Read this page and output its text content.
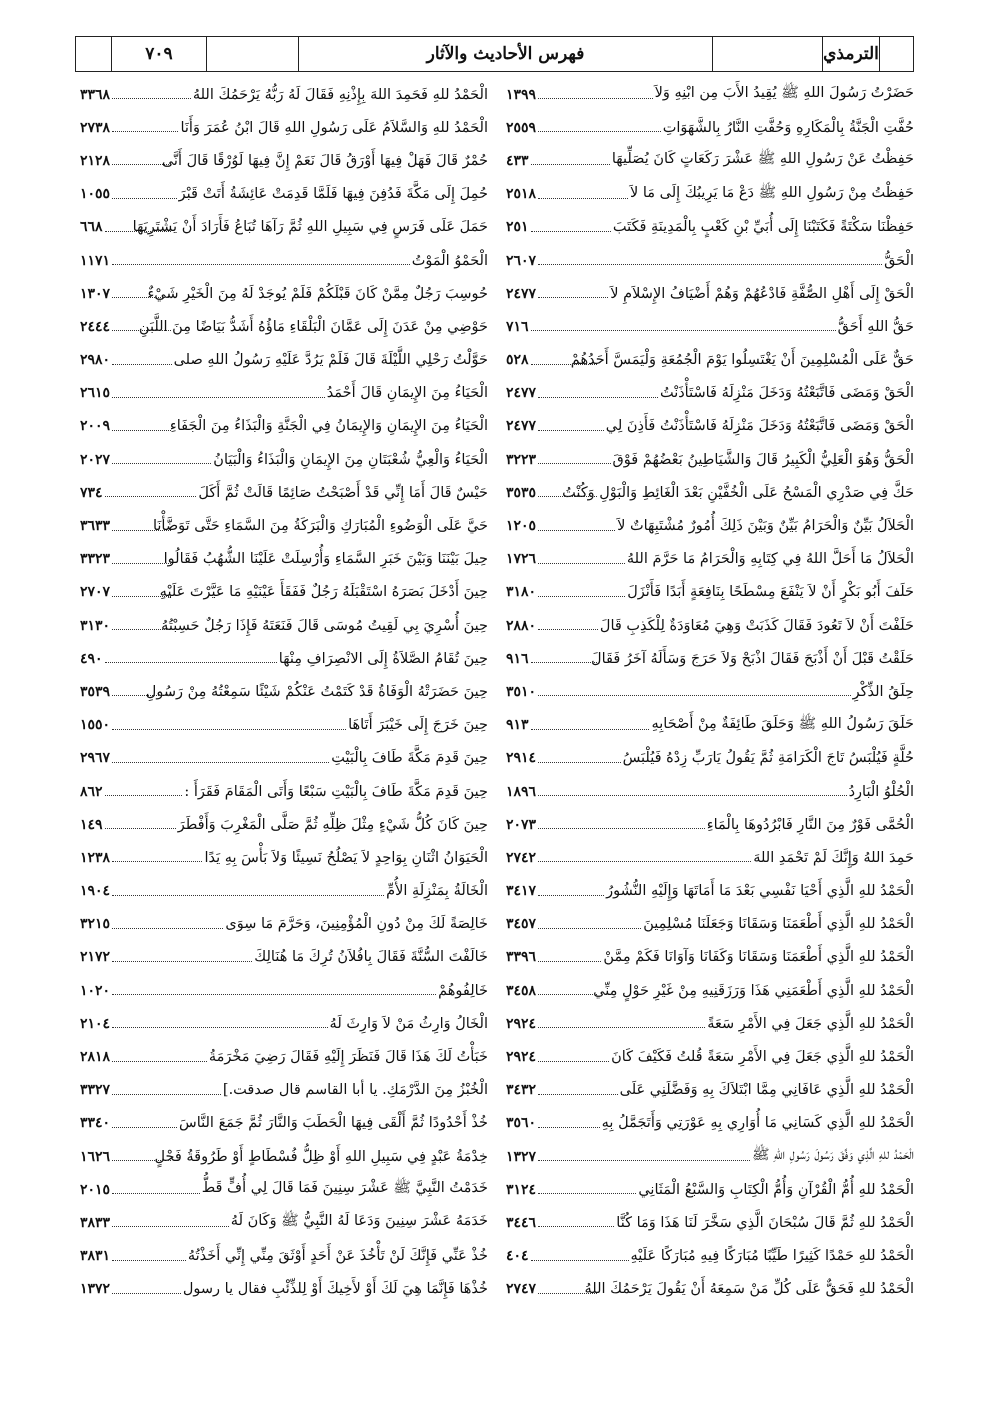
٧٠٩	فهرس الأحاديث والآثار	الترمذي
حَضَرْتُ رَسُولَ اللهِ ﷺ يُقِيدُ الأَبَ مِن ابْنِهِ وَلاَ
١٣٩٩
حُفَّتِ الْجَنَّةُ بِالْمَكَارِهِ وَحُفَّتِ النَّارُ بِالشَّهَوَاتِ
٢٥٥٩
حَفِظْتُ عَنْ رَسُولِ اللهِ ﷺ عَشْرَ رَكَعَاتٍ كَانَ يُصَلِّيهَا
٤٣٣
حَفِظْتُ مِنْ رَسُولِ اللهِ ﷺ دَعْ مَا يَرِيبُكَ إِلَى مَا لاَ
٢٥١٨
حَفِظْنَا سَكْتَةً فَكَتَبْنَا إِلَى أُبَيِّ بْنِ كَعْبٍ بِالْمَدِينَةِ فَكَتَبَ
٢٥١
الْحَقُّ
٢٦٠٧
الْحَقْ إِلَى أَهْلِ الصُّفَّةِ فَادْعُهُمْ وَهُمْ أَضْيَافُ الإِسْلاَمِ لاَ
٢٤٧٧
حَقُّ اللهِ أَحَقُّ
٧١٦
حَقٌّ عَلَى الْمُسْلِمِينَ أَنْ يَغْتَسِلُوا يَوْمَ الْجُمُعَةِ وَلْيَمَسَّ أَحَدُهُمْ
٥٢٨
الْحَقْ وَمَضَى فَاتَّبَعْتُهُ وَدَخَلَ مَنْزِلَهُ فَاسْتَأْذَنْتُ
٢٤٧٧
الْحَقْ وَمَضَى فَاتَّبَعْتُهُ وَدَخَلَ مَنْزِلَهُ فَاسْتَأْذَنْتُ فَأَذِنَ لِي
٢٤٧٧
الْحَقُّ وَهُوَ الْعَلِيُّ الْكَبِيرُ قَالَ وَالشَّيَاطِينُ بَعْضُهُمْ فَوْقَ
٣٢٢٣
حَكَّ فِي صَدْرِي الْمَسْحُ عَلَى الْخُفَّيْنِ بَعْدَ الْغَائِطِ وَالْبَوْلِ وَكُنْتُ
٣٥٣٥
الْحَلاَلُ بَيِّنٌ وَالْحَرَامُ بَيِّنٌ وَبَيْنَ ذَلِكَ أُمُورٌ مُشْتَبِهَاتٌ لاَ
١٢٠٥
الْحَلاَلُ مَا أَحَلَّ اللهُ فِي كِتَابِهِ وَالْحَرَامُ مَا حَرَّمَ اللهُ
١٧٢٦
حَلَفَ أَبُو بَكْرٍ أَنْ لاَ يَنْفَعَ مِسْطَحًا بِنَافِعَةٍ أَبَدًا فَأَنْزَلَ
٣١٨٠
حَلَفْتَ أَنْ لاَ تَعُودَ فَقَالَ كَذَبَتْ وَهِيَ مُعَاوَدَةٌ لِلْكَذِبِ قَالَ
٢٨٨٠
حَلَقْتُ قَبْلَ أَنْ أَذْبَحَ فَقَالَ اذْبَحْ وَلاَ حَرَجَ وَسَأَلَهُ آخَرُ فَقَالَ
٩١٦
حِلَقُ الذِّكْرِ
٣٥١٠
حَلَقَ رَسُولُ اللهِ ﷺ وَحَلَقَ طَائِفَةٌ مِنْ أَصْحَابِهِ
٩١٣
حُلَّةٍ فَيُلْبَسُ تَاجَ الْكَرَامَةِ ثُمَّ يَقُولُ يَارَبِّ زِدْهُ فَيُلْبَسُ
٢٩١٤
الْحُلْوُ الْبَارِدُ
١٨٩٦
الْحُمَّى فَوْرٌ مِنَ النَّارِ فَابْرُدُوهَا بِالْمَاءِ
٢٠٧٣
حَمِدَ اللهُ وَإِنَّكَ لَمْ تَحْمَدِ اللهَ
٢٧٤٢
الْحَمْدُ للهِ الَّذِي أَحْيَا نَفْسِي بَعْدَ مَا أَمَاتَهَا وَإِلَيْهِ النُّشُورُ
٣٤١٧
الْحَمْدُ للهِ الَّذِي أَطْعَمَنَا وَسَقَانَا وَجَعَلَنَا مُسْلِمِينَ
٣٤٥٧
الْحَمْدُ للهِ الَّذِي أَطْعَمَنَا وَسَقَانَا وَكَفَانَا وَآوَانَا فَكَمْ مِمَّنْ
٣٣٩٦
الْحَمْدُ للهِ الَّذِي أَطْعَمَنِي هَذَا وَرَزَقَنِيهِ مِنْ غَيْرِ حَوْلٍ مِنِّي
٣٤٥٨
الْحَمْدُ للهِ الَّذِي جَعَلَ فِي الأَمْرِ سَعَةً
٢٩٢٤
الْحَمْدُ للهِ الَّذِي جَعَلَ فِي الأَمْرِ سَعَةً قُلتُ فَكَيْفَ كَانَ
٢٩٢٤
الْحَمْدُ للهِ الَّذِي عَافَانِي مِمَّا ابْتَلاَكَ بِهِ وَفَضَّلَنِي عَلَى
٣٤٣٢
الْحَمْدُ للهِ الَّذِي كَسَانِي مَا أُوَارِي بِهِ عَوْرَتِي وَأَتَجَمَّلُ بِهِ
٣٥٦٠
الْحَمْدُ للهِ الَّذِي وَفَّقَ رَسُولَ رَسُولِ اللهِ ﷺ
١٣٢٧
الْحَمْدُ للهِ أُمُّ الْقُرْآنِ وَأُمُّ الْكِتَابِ وَالسَّبْعُ الْمَثَانِي
٣١٢٤
الْحَمْدُ للهِ ثُمَّ قَالَ سُبْحَانَ الَّذِي سَخَّرَ لَنَا هَذَا وَمَا كُنَّا
٣٤٤٦
الْحَمْدُ للهِ حَمْدًا كَثِيرًا طَيِّبًا مُبَارَكًا فِيهِ مُبَارَكًا عَلَيْهِ
٤٠٤
الْحَمْدُ للهِ فَحَقٌّ عَلَى كُلِّ مَنْ سَمِعَهُ أَنْ يَقُولَ يَرْحَمُكَ اللهُ
٢٧٤٧
الْحَمْدُ للهِ فَحَمِدَ اللهَ بِإِذْنِهِ فَقَالَ لَهُ رَبُّهُ يَرْحَمُكَ اللهُ
٣٣٦٨
الْحَمْدُ للهِ وَالسَّلاَمُ عَلَى رَسُولِ اللهِ قَالَ ابْنُ عُمَرَ وَأَنَا
٢٧٣٨
حُمْرٌ قَالَ فَهَلْ فِيهَا أَوْرَقُ قَالَ نَعَمْ إِنَّ فِيهَا لَوُرْقًا قَالَ أَنَّى
٢١٢٨
حُمِلَ إِلَى مَكَّةَ فَدُفِنَ فِيهَا فَلَمَّا قَدِمَتْ عَائِشَةُ أَتَتْ قَبْرَ
١٠٥٥
حَمَلَ عَلَى فَرَسٍ فِي سَبِيلِ اللهِ ثُمَّ رَآهَا تُبَاعُ فَأَرَادَ أَنْ يَشْتَرِيَهَا
٦٦٨
الْحَمْوُ الْمَوْتُ
١١٧١
حُوسِبَ رَجُلٌ مِمَّنْ كَانَ قَبْلَكُمْ فَلَمْ يُوجَدْ لَهُ مِنَ الْخَيْرِ شَيْءٌ
١٣٠٧
حَوْضِي مِنْ عَدَنَ إِلَى عَمَّانَ الْبَلْقَاءِ مَاؤُهُ أَشَدُّ بَيَاضًا مِنَ اللَّبَنِ
٢٤٤٤
حَوَّلْتُ رَحْلِي اللَّيْلَةَ قَالَ فَلَمْ يَرُدَّ عَلَيْهِ رَسُولُ اللهِ صلى
٢٩٨٠
الْحَيَاءُ مِنَ الإِيمَانِ قَالَ أَحْمَدُ
٢٦١٥
الْحَيَاءُ مِنَ الإِيمَانِ وَالإِيمَانُ فِي الْجَنَّةِ وَالْبَذَاءُ مِنَ الْجَفَاءِ
٢٠٠٩
الْحَيَاءُ وَالْعِيُّ شُعْبَتَانِ مِنَ الإِيمَانِ وَالْبَذَاءُ وَالْبَيَانُ
٢٠٢٧
حَيْسٌ قَالَ أَمَا إِنِّي قَدْ أَصْبَحْتُ صَائِمًا قَالَتْ ثُمَّ أَكَلَ
٧٣٤
حَيَّ عَلَى الْوَضُوءِ الْمُبَارَكِ وَالْبَرَكَةُ مِنَ السَّمَاءِ حَتَّى تَوَضَّأْنَا
٣٦٣٣
حِيلَ بَيْنَنَا وَبَيْنَ خَبَرِ السَّمَاءِ وَأُرْسِلَتْ عَلَيْنَا الشُّهُبُ فَقَالُوا
٣٣٢٣
حِينَ أَدْخَلَ بَصَرَهُ اسْتَقْبَلَهُ رَجُلٌ فَفَقَأَ عَيْنَيْهِ مَا عَيَّرْتَ عَلَيْهِ
٢٧٠٧
حِينَ أُسْرِيَ بِي لَقِيتُ مُوسَى قَالَ فَنَعَتَهُ فَإِذَا رَجُلٌ حَسِبْتُهُ
٣١٣٠
حِينَ تُقَامُ الصَّلاَةُ إِلَى الانْصِرَافِ مِنْهَا
٤٩٠
حِينَ حَضَرَتْهُ الْوَفَاةُ قَدْ كَتَمْتُ عَنْكُمْ شَيْئًا سَمِعْتُهُ مِنْ رَسُولِ
٣٥٣٩
حِينَ خَرَجَ إِلَى خَيْبَرَ أَتَاهَا
١٥٥٠
حِينَ قَدِمَ مَكَّةَ طَافَ بِالْبَيْتِ
٢٩٦٧
حِينَ قَدِمَ مَكَّةَ طَافَ بِالْبَيْتِ سَبْعًا وَأَتَى الْمَقَامَ فَقَرَأَ :
٨٦٢
حِينَ كَانَ كُلُّ شَيْءٍ مِثْلَ ظِلِّهِ ثُمَّ صَلَّى الْمَغْرِبَ وَأَفْطَرَ
١٤٩
الْحَيَوَانُ اثْنَانِ بِوَاحِدٍ لاَ يَصْلُحُ نَسِيئًا وَلاَ بَأْسَ بِهِ يَدًا
١٢٣٨
الْخَالَةُ بِمَنْزِلَةِ الأُمِّ
١٩٠٤
خَالِصَةً لَكَ مِنْ دُونِ الْمُؤْمِنِينَ، وَحَرَّمَ مَا سِوَى
٣٢١٥
خَالَفْتَ السُّنَّةَ فَقَالَ بِافُلاَنُ تُرِكَ مَا هُنَالِكَ
٢١٧٢
خَالِفُوهُمْ
١٠٢٠
الْخَالُ وَارِثُ مَنْ لاَ وَارِثَ لَهُ
٢١٠٤
خَبَأْتُ لَكَ هَذَا قَالَ فَنَظَرَ إِلَيْهِ فَقَالَ رَضِيَ مَخْرَمَةُ
٢٨١٨
الْخُبْزُ مِنَ الدَّرْمَكِ. يا أبا القاسم قال صدقت.]
٣٣٢٧
خُذْ أَحْدُودًا ثُمَّ أَلْقَى فِيهَا الْحَطَبَ وَالنَّارَ ثُمَّ جَمَعَ النَّاسَ
٣٣٤٠
خِدْمَةُ عَبْدٍ فِي سَبِيلِ اللهِ أَوْ ظِلُّ فُسْطَاطٍ أَوْ طَرُوقَةُ فَحْلٍ
١٦٢٦
خَدَمْتُ النَّبِيَّ ﷺ عَشْرَ سِنِينَ فَمَا قَالَ لِي أُفٍّ قَطُّ
٢٠١٥
خَدَمَهُ عَشْرَ سِنِينَ وَدَعَا لَهُ النَّبِيُّ ﷺ وَكَانَ لَهُ
٣٨٣٣
خُذْ عَنِّي فَإِنَّكَ لَنْ تَأْخُذَ عَنْ أَحَدٍ أَوْثَقَ مِنِّي إِنِّي أَخَذْتُهُ
٣٨٣١
خُذْهَا فَإِنَّمَا هِيَ لَكَ أَوْ لأَخِيكَ أَوْ لِلذِّئْبِ فقال يا رسول
١٣٧٢
